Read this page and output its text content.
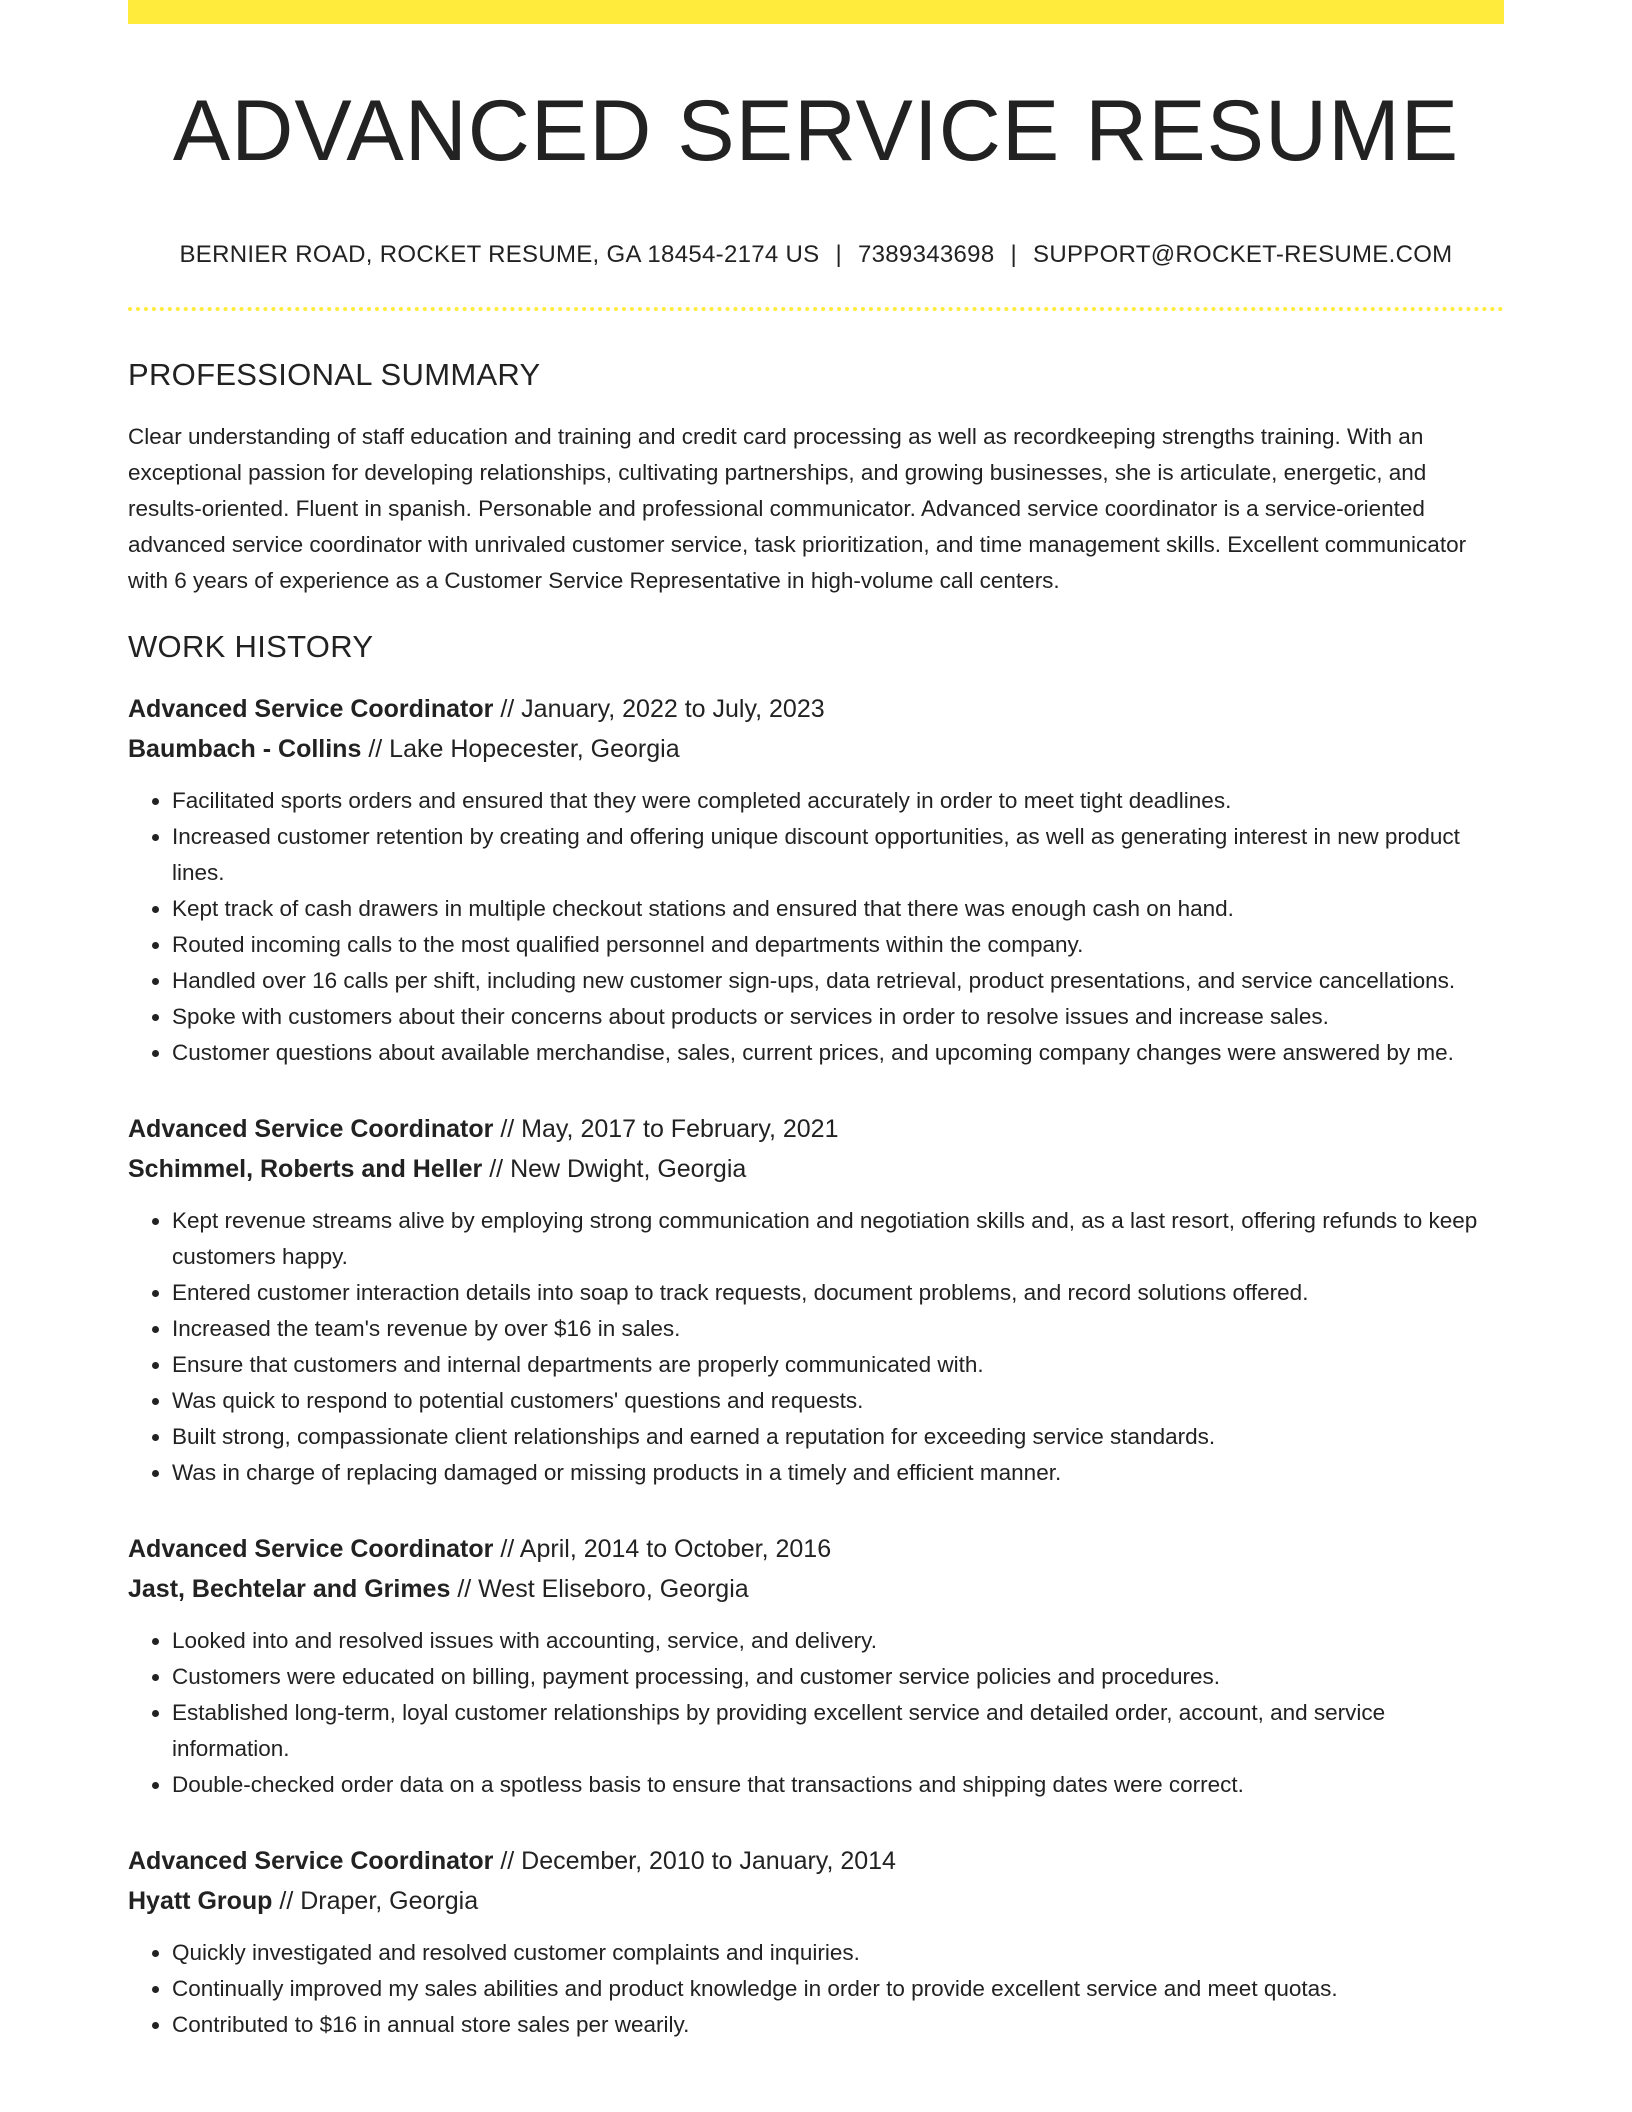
ADVANCED SERVICE RESUME
BERNIER ROAD, ROCKET RESUME, GA 18454-2174 US | 7389343698 | SUPPORT@ROCKET-RESUME.COM
PROFESSIONAL SUMMARY

Clear understanding of staff education and training and credit card processing as well as recordkeeping strengths training. With an exceptional passion for developing relationships, cultivating partnerships, and growing businesses, she is articulate, energetic, and results-oriented. Fluent in spanish. Personable and professional communicator. Advanced service coordinator is a service-oriented advanced service coordinator with unrivaled customer service, task prioritization, and time management skills. Excellent communicator with 6 years of experience as a Customer Service Representative in high-volume call centers.

WORK HISTORY
Advanced Service Coordinator // January, 2022 to July, 2023
Baumbach - Collins // Lake Hopecester, Georgia
• Facilitated sports orders and ensured that they were completed accurately in order to meet tight deadlines.
• Increased customer retention by creating and offering unique discount opportunities, as well as generating interest in new product lines.
• Kept track of cash drawers in multiple checkout stations and ensured that there was enough cash on hand.
• Routed incoming calls to the most qualified personnel and departments within the company.
• Handled over 16 calls per shift, including new customer sign-ups, data retrieval, product presentations, and service cancellations.
• Spoke with customers about their concerns about products or services in order to resolve issues and increase sales.
• Customer questions about available merchandise, sales, current prices, and upcoming company changes were answered by me.
Advanced Service Coordinator // May, 2017 to February, 2021
Schimmel, Roberts and Heller // New Dwight, Georgia
• Kept revenue streams alive by employing strong communication and negotiation skills and, as a last resort, offering refunds to keep customers happy.
• Entered customer interaction details into soap to track requests, document problems, and record solutions offered.
• Increased the team's revenue by over $16 in sales.
• Ensure that customers and internal departments are properly communicated with.
• Was quick to respond to potential customers' questions and requests.
• Built strong, compassionate client relationships and earned a reputation for exceeding service standards.
• Was in charge of replacing damaged or missing products in a timely and efficient manner.
Advanced Service Coordinator // April, 2014 to October, 2016
Jast, Bechtelar and Grimes // West Eliseboro, Georgia
• Looked into and resolved issues with accounting, service, and delivery.
• Customers were educated on billing, payment processing, and customer service policies and procedures.
• Established long-term, loyal customer relationships by providing excellent service and detailed order, account, and service information.
• Double-checked order data on a spotless basis to ensure that transactions and shipping dates were correct.
Advanced Service Coordinator // December, 2010 to January, 2014
Hyatt Group // Draper, Georgia
• Quickly investigated and resolved customer complaints and inquiries.
• Continually improved my sales abilities and product knowledge in order to provide excellent service and meet quotas.
• Contributed to $16 in annual store sales per wearily.
